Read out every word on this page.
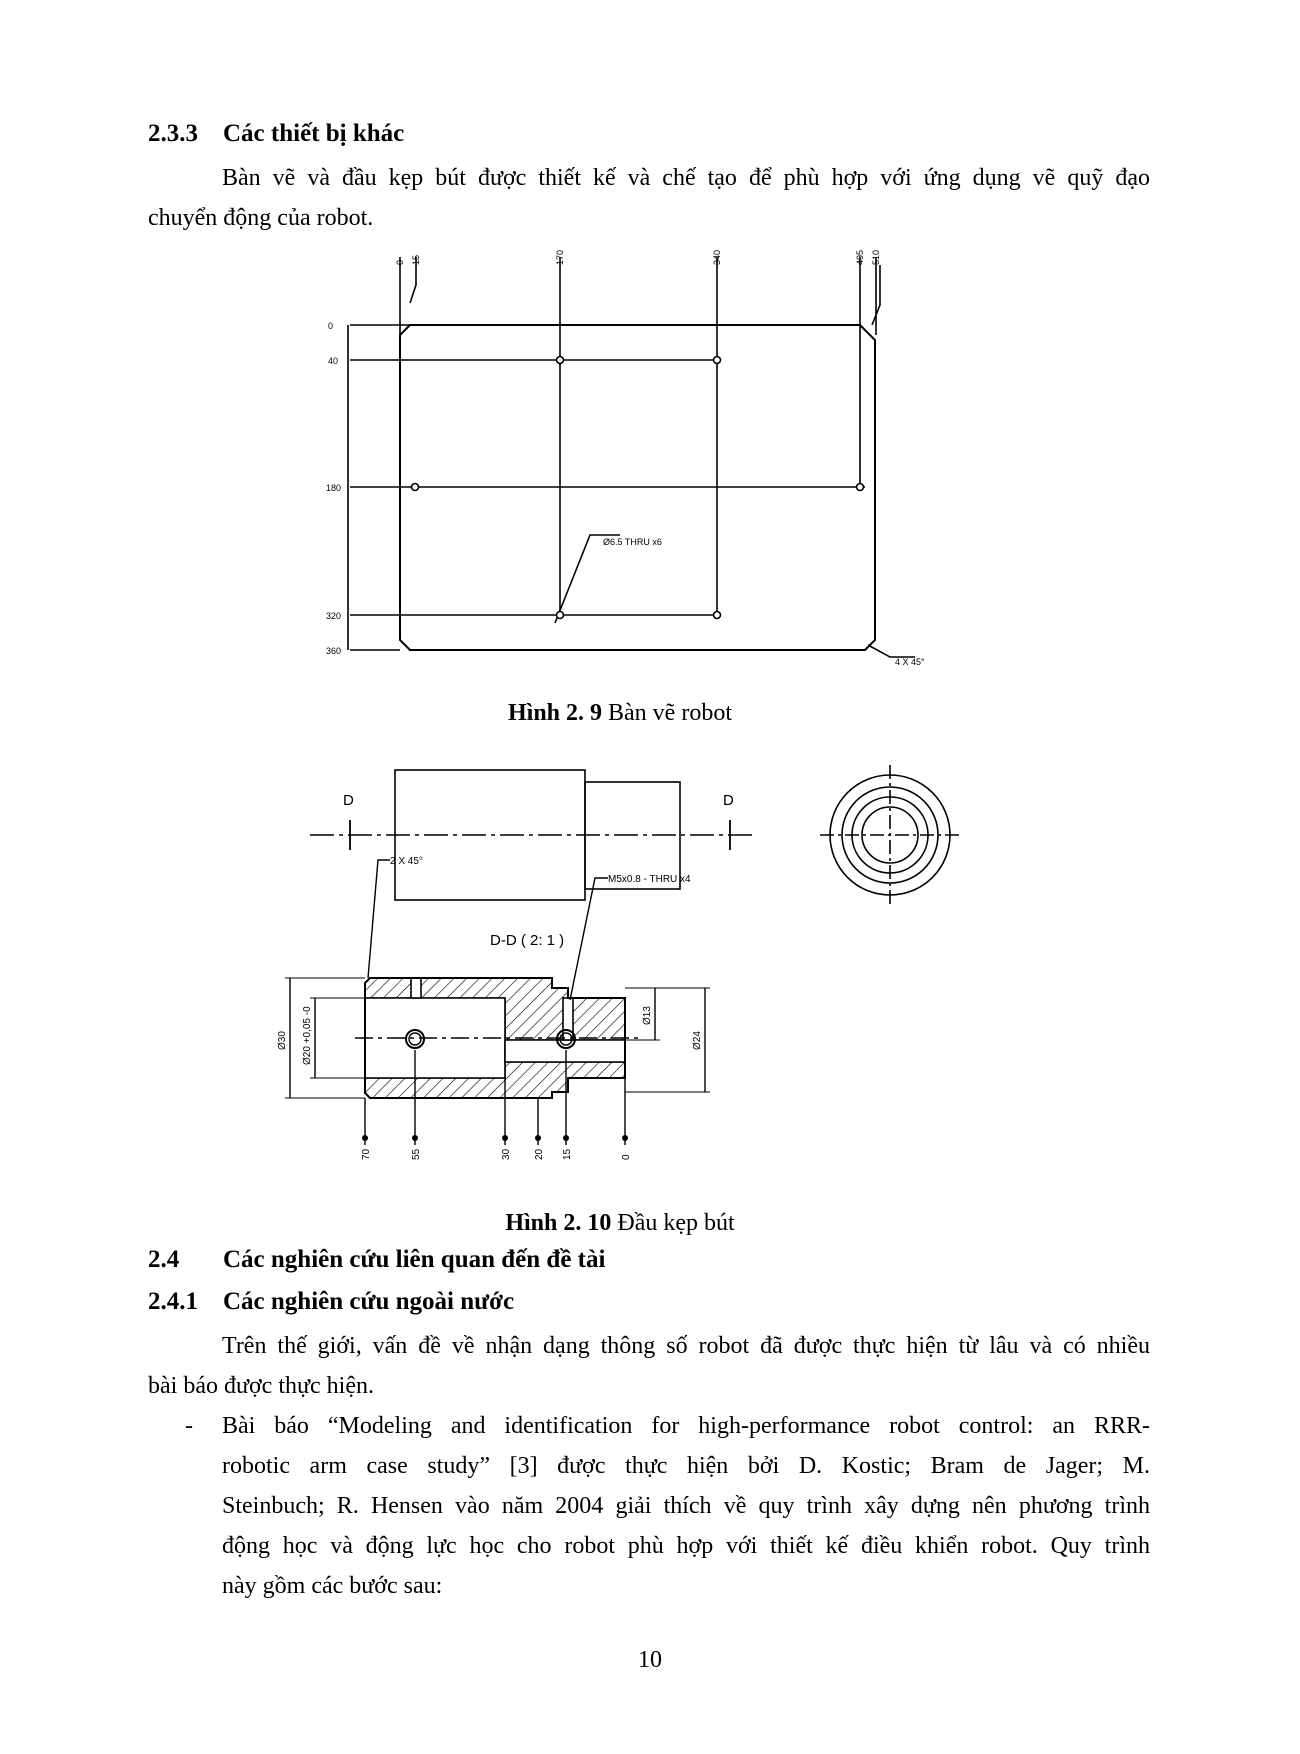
2.3.3 Các thiết bị khác
Bàn vẽ và đầu kẹp bút được thiết kế và chế tạo để phù hợp với ứng dụng vẽ quỹ đạo
chuyển động của robot.
0 15	170	340	495 510
0
40
180
320
360
Ø6.5 THRU x6
4 X 45°
Hình 2. 9 Bàn vẽ robot
D	D
D-D ( 2: 1 )
2 X 45°
M5x0.8 - THRU x4
Ø30 Ø20 +0,05 -0	Ø13
Ø24
70	55	30 20 15	0
Hình 2. 10 Đầu kẹp bút
2.4 Các nghiên cứu liên quan đến đề tài
2.4.1 Các nghiên cứu ngoài nước
Trên thế giới, vấn đề về nhận dạng thông số robot đã được thực hiện từ lâu và có nhiều
bài báo được thực hiện.
- Bài báo “Modeling and identification for high-performance robot control: an RRR-
robotic arm case study” [3] được thực hiện bởi D. Kostic; Bram de Jager; M.
Steinbuch; R. Hensen vào năm 2004 giải thích về quy trình xây dựng nên phương trình
động học và động lực học cho robot phù hợp với thiết kế điều khiển robot. Quy trình
này gồm các bước sau:
10
